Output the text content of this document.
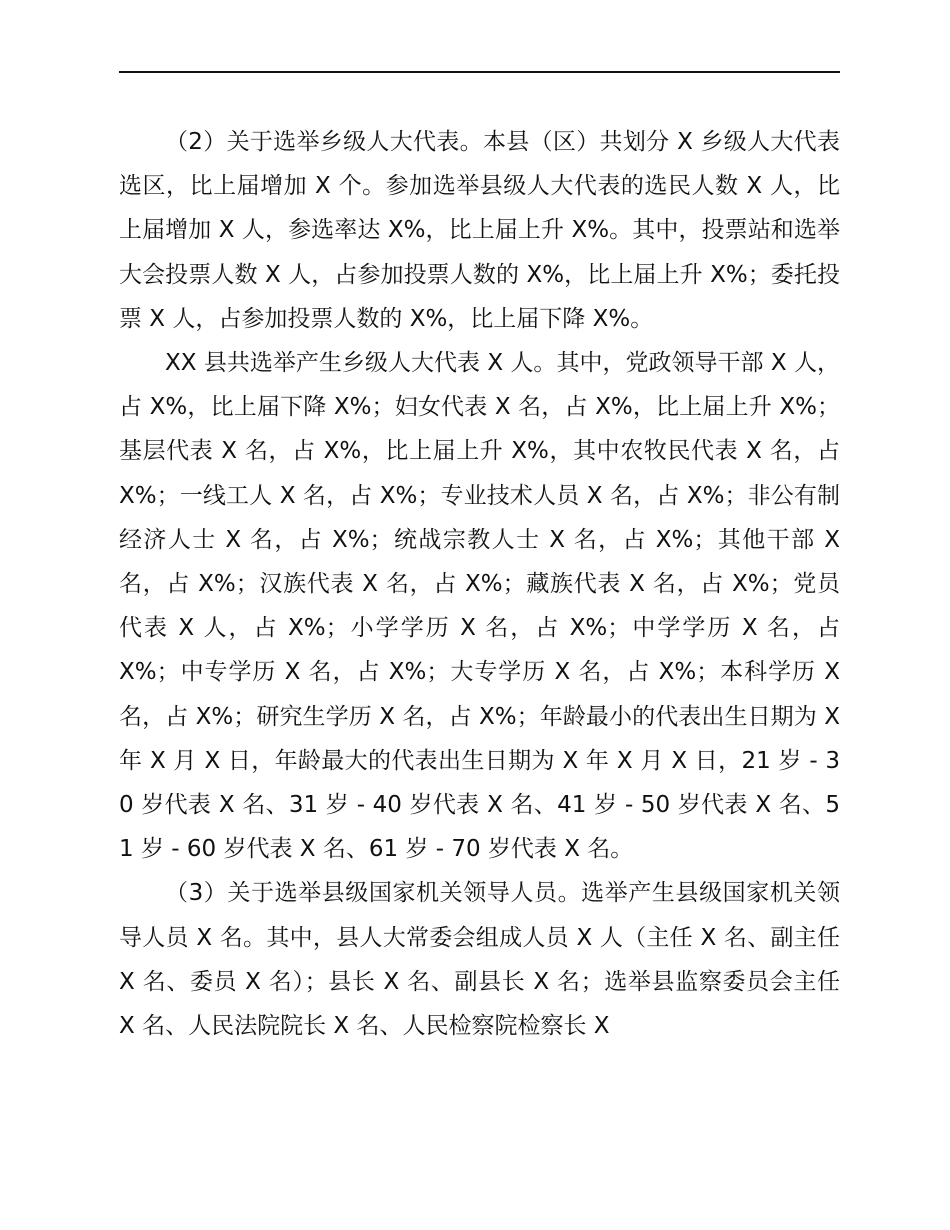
（2）关于选举乡级人大代表。本县（区）共划分 X 乡级人大代表选区，比上届增加 X 个。参加选举县级人大代表的选民人数 X 人，比上届增加 X 人，参选率达 X%，比上届上升 X%。其中，投票站和选举大会投票人数 X 人，占参加投票人数的 X%，比上届上升 X%；委托投票 X 人，占参加投票人数的 X%，比上届下降 X%。

XX 县共选举产生乡级人大代表 X 人。其中，党政领导干部 X 人，占 X%，比上届下降 X%；妇女代表 X 名，占 X%，比上届上升 X%；基层代表 X 名，占 X%，比上届上升 X%，其中农牧民代表 X 名，占 X%；一线工人 X 名，占 X%；专业技术人员 X 名，占 X%；非公有制经济人士 X 名，占 X%；统战宗教人士 X 名，占 X%；其他干部 X 名，占 X%；汉族代表 X 名，占 X%；藏族代表 X 名，占 X%；党员代表 X 人，占 X%；小学学历 X 名，占 X%；中学学历 X 名，占 X%；中专学历 X 名，占 X%；大专学历 X 名，占 X%；本科学历 X 名，占 X%；研究生学历 X 名，占 X%；年龄最小的代表出生日期为 X 年 X 月 X 日，年龄最大的代表出生日期为 X 年 X 月 X 日，21 岁 - 30 岁代表 X 名、31 岁 - 40 岁代表 X 名、41 岁 - 50 岁代表 X 名、51 岁 - 60 岁代表 X 名、61 岁 - 70 岁代表 X 名。

（3）关于选举县级国家机关领导人员。选举产生县级国家机关领导人员 X 名。其中，县人大常委会组成人员 X 人（主任 X 名、副主任 X 名、委员 X 名）；县长 X 名、副县长 X 名；选举县监察委员会主任 X 名、人民法院院长 X 名、人民检察院检察长 X
